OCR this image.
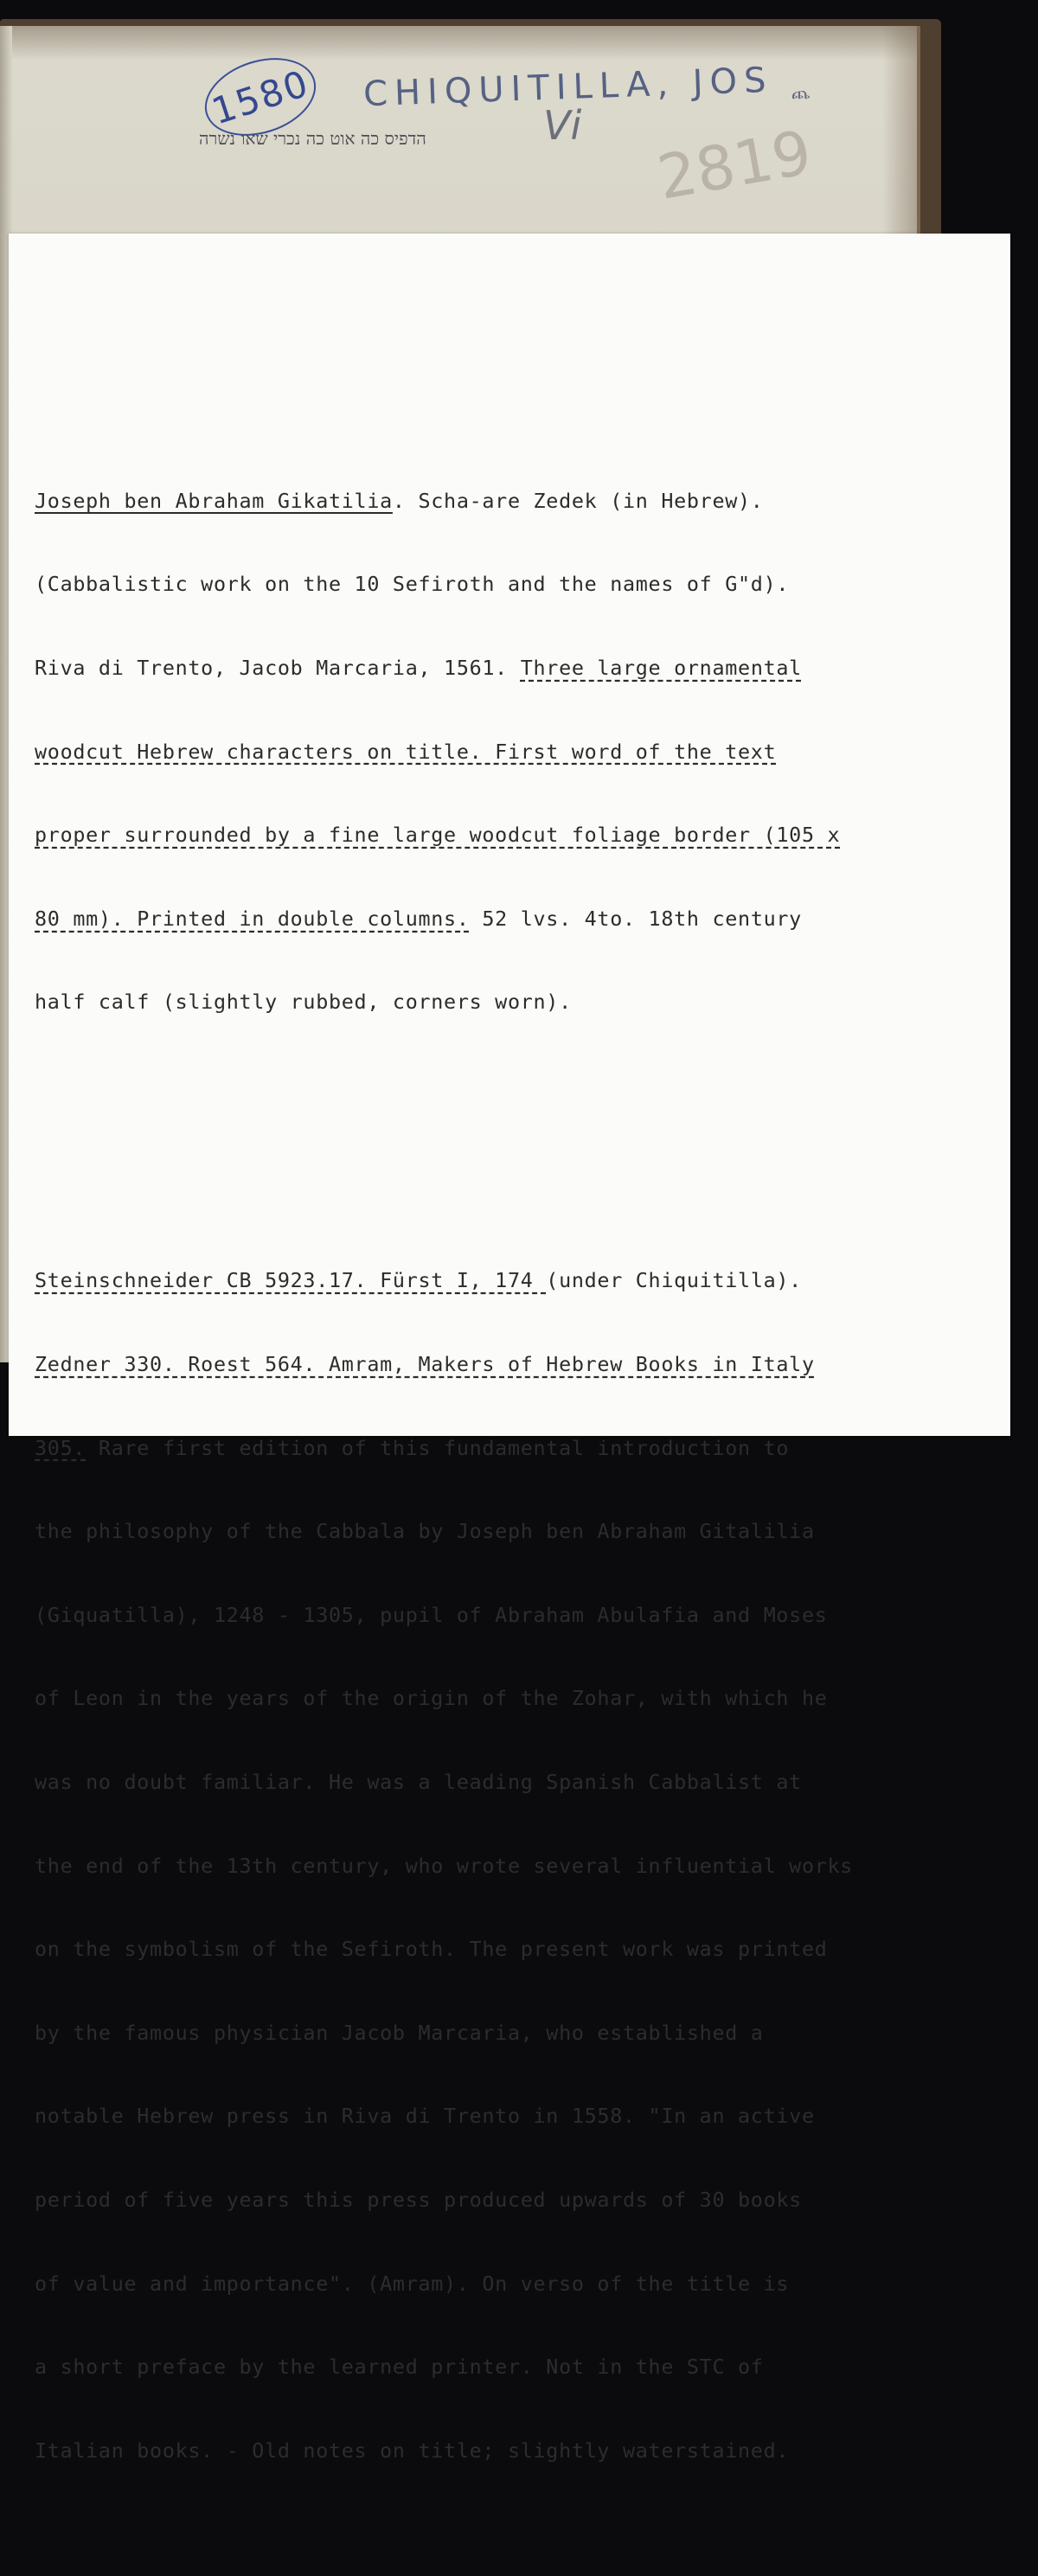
1580	CHIQUITILLA, JOS
הדפיס כה אוט כה נכרי שאו נשרה	Vi
ጨ
2819

Joseph ben Abraham Gikatilia. Scha-are Zedek (in Hebrew).

(Cabbalistic work on the 10 Sefiroth and the names of G"d).

Riva di Trento, Jacob Marcaria, 1561. Three large ornamental

woodcut Hebrew characters on title. First word of the text

proper surrounded by a fine large woodcut foliage border (105 x

80 mm). Printed in double columns. 52 lvs. 4to. 18th century

half calf (slightly rubbed, corners worn).

Steinschneider CB 5923.17. Fürst I, 174 (under Chiquitilla).

Zedner 330. Roest 564. Amram, Makers of Hebrew Books in Italy

305. Rare first edition of this fundamental introduction to

the philosophy of the Cabbala by Joseph ben Abraham Gitalilia

(Giquatilla), 1248 - 1305, pupil of Abraham Abulafia and Moses

of Leon in the years of the origin of the Zohar, with which he

was no doubt familiar. He was a leading Spanish Cabbalist at

the end of the 13th century, who wrote several influential works

on the symbolism of the Sefiroth. The present work was printed

by the famous physician Jacob Marcaria, who established a

notable Hebrew press in Riva di Trento in 1558. "In an active

period of five years this press produced upwards of 30 books

of value and importance". (Amram). On verso of the title is

a short preface by the learned printer. Not in the STC of

Italian books. - Old notes on title; slightly waterstained.
